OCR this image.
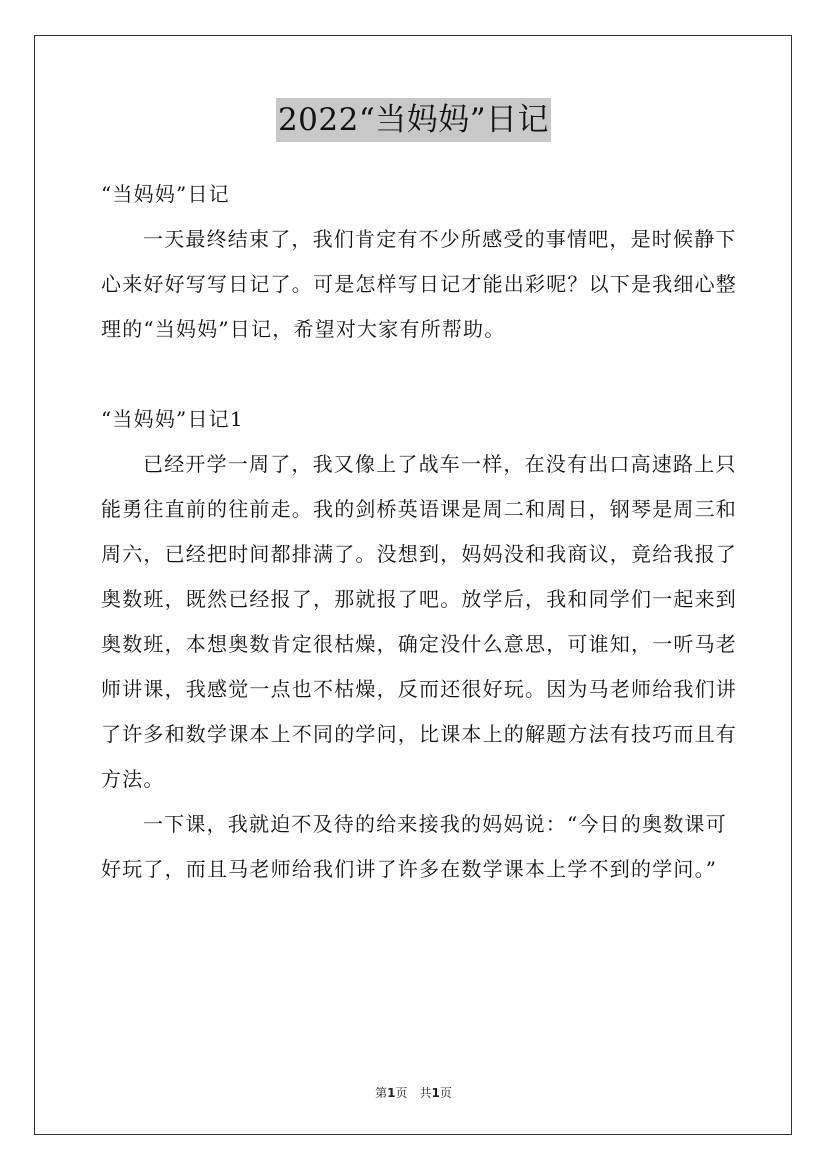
2022“当妈妈”日记

“当妈妈”日记

一天最终结束了，我们肯定有不少所感受的事情吧，是时候静下

心来好好写写日记了。可是怎样写日记才能出彩呢？以下是我细心整

理的“当妈妈”日记，希望对大家有所帮助。

“当妈妈”日记1

已经开学一周了，我又像上了战车一样，在没有出口高速路上只

能勇往直前的往前走。我的剑桥英语课是周二和周日，钢琴是周三和

周六，已经把时间都排满了。没想到，妈妈没和我商议，竟给我报了

奥数班，既然已经报了，那就报了吧。放学后，我和同学们一起来到

奥数班，本想奥数肯定很枯燥，确定没什么意思，可谁知，一听马老

师讲课，我感觉一点也不枯燥，反而还很好玩。因为马老师给我们讲

了许多和数学课本上不同的学问，比课本上的解题方法有技巧而且有

方法。

一下课，我就迫不及待的给来接我的妈妈说：“今日的奥数课可

好玩了，而且马老师给我们讲了许多在数学课本上学不到的学问。”

第1页　共1页
